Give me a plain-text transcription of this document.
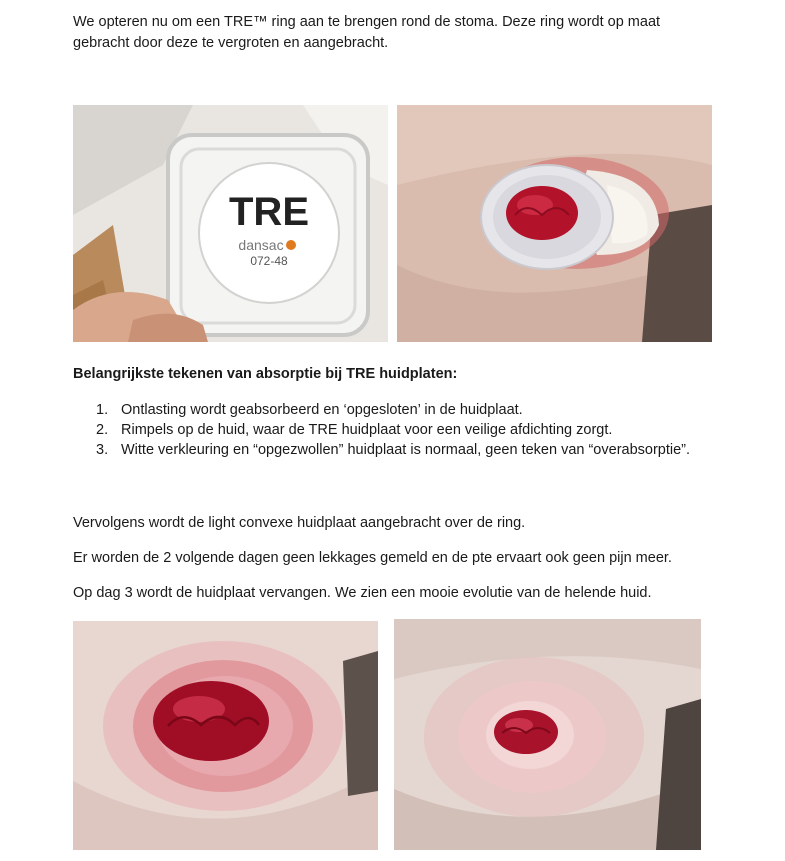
We opteren nu om een TRE™ ring aan te brengen rond de stoma. Deze ring wordt op maat gebracht door deze te vergroten en aangebracht.

TRE
dansac
072-48

Belangrijkste tekenen van absorptie bij TRE huidplaten:

1. Ontlasting wordt geabsorbeerd en ‘opgesloten’ in de huidplaat.
2. Rimpels op de huid, waar de TRE huidplaat voor een veilige afdichting zorgt.
3. Witte verkleuring en “opgezwollen” huidplaat is normaal, geen teken van “overabsorptie”.

Vervolgens wordt de light convexe huidplaat aangebracht over de ring.

Er worden de 2 volgende dagen geen lekkages gemeld en de pte ervaart ook geen pijn meer.

Op dag 3 wordt de huidplaat vervangen. We zien een mooie evolutie van de helende huid.
